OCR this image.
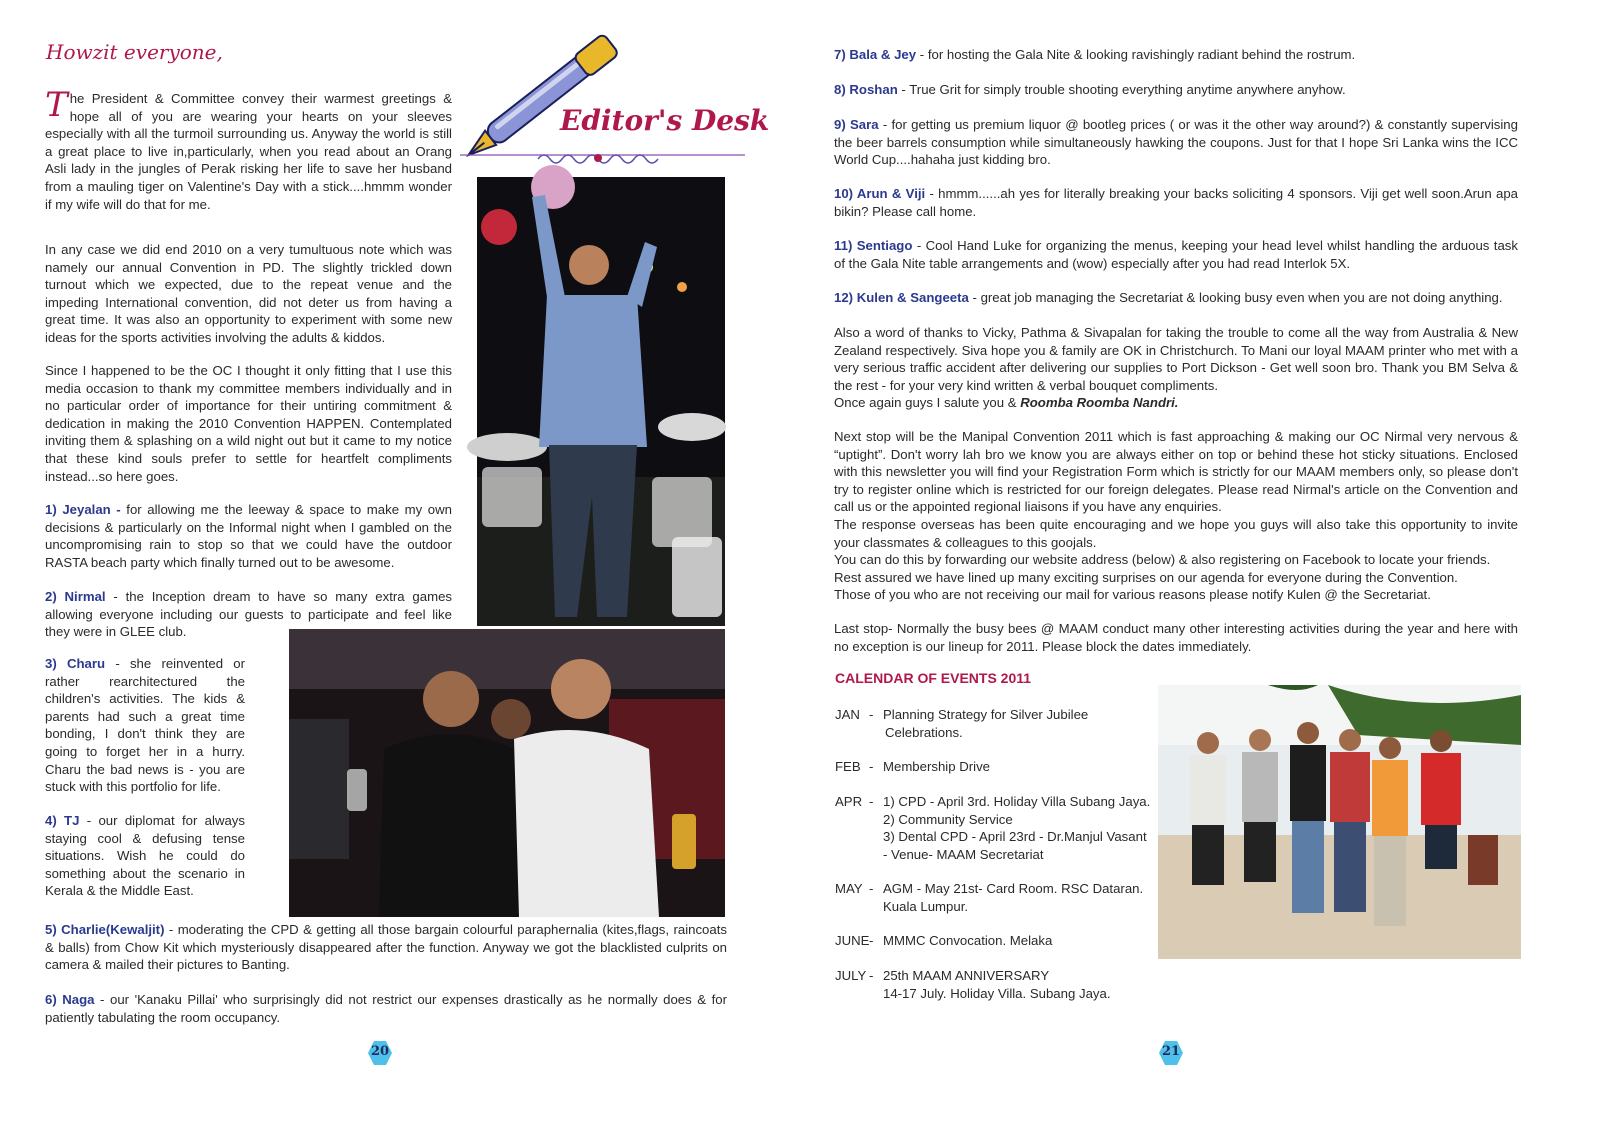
Howzit everyone,
Editor's Desk

The President & Committee convey their warmest greetings & hope all of you are wearing your hearts on your sleeves especially with all the turmoil surrounding us. Anyway the world is still a great place to live in,particularly, when you read about an Orang Asli lady in the jungles of Perak risking her life to save her husband from a mauling tiger on Valentine's Day with a stick....hmmm wonder if my wife will do that for me.

In any case we did end 2010 on a very tumultuous note which was namely our annual Convention in PD. The slightly trickled down turnout which we expected, due to the repeat venue and the impeding International convention, did not deter us from having a great time. It was also an opportunity to experiment with some new ideas for the sports activities involving the adults & kiddos.

Since I happened to be the OC I thought it only fitting that I use this media occasion to thank my committee members individually and in no particular order of importance for their untiring commitment & dedication in making the 2010 Convention HAPPEN. Contemplated inviting them & splashing on a wild night out but it came to my notice that these kind souls prefer to settle for heartfelt compliments instead...so here goes.

1) Jeyalan - for allowing me the leeway & space to make my own decisions & particularly on the Informal night when I gambled on the uncompromising rain to stop so that we could have the outdoor RASTA beach party which finally turned out to be awesome.

2) Nirmal - the Inception dream to have so many extra games allowing everyone including our guests to participate and feel like they were in GLEE club.

3) Charu - she reinvented or rather rearchitectured the children's activities. The kids & parents had such a great time bonding, I don't think they are going to forget her in a hurry. Charu the bad news is - you are stuck with this portfolio for life.

4) TJ - our diplomat for always staying cool & defusing tense situations. Wish he could do something about the scenario in Kerala & the Middle East.

5) Charlie(Kewaljit) - moderating the CPD & getting all those bargain colourful paraphernalia (kites,flags, raincoats & balls) from Chow Kit which mysteriously disappeared after the function. Anyway we got the blacklisted culprits on camera & mailed their pictures to Banting.

6) Naga - our 'Kanaku Pillai' who surprisingly did not restrict our expenses drastically as he normally does & for patiently tabulating the room occupancy.

20

7) Bala & Jey - for hosting the Gala Nite & looking ravishingly radiant behind the rostrum.

8) Roshan - True Grit for simply trouble shooting everything anytime anywhere anyhow.

9) Sara - for getting us premium liquor @ bootleg prices ( or was it the other way around?) & constantly supervising the beer barrels consumption while simultaneously hawking the coupons. Just for that I hope Sri Lanka wins the ICC World Cup....hahaha just kidding bro.

10) Arun & Viji - hmmm......ah yes for literally breaking your backs soliciting 4 sponsors. Viji get well soon.Arun apa bikin? Please call home.

11) Sentiago - Cool Hand Luke for organizing the menus, keeping your head level whilst handling the arduous task of the Gala Nite table arrangements and (wow) especially after you had read Interlok 5X.

12) Kulen & Sangeeta - great job managing the Secretariat & looking busy even when you are not doing anything.

Also a word of thanks to Vicky, Pathma & Sivapalan for taking the trouble to come all the way from Australia & New Zealand respectively. Siva hope you & family are OK in Christchurch. To Mani our loyal MAAM printer who met with a very serious traffic accident after delivering our supplies to Port Dickson - Get well soon bro. Thank you BM Selva & the rest - for your very kind written & verbal bouquet compliments.

Once again guys I salute you & Roomba Roomba Nandri.

Next stop will be the Manipal Convention 2011 which is fast approaching & making our OC Nirmal very nervous & “uptight”. Don't worry lah bro we know you are always either on top or behind these hot sticky situations. Enclosed with this newsletter you will find your Registration Form which is strictly for our MAAM members only, so please don't try to register online which is restricted for our foreign delegates. Please read Nirmal's article on the Convention and call us or the appointed regional liaisons if you have any enquiries.

The response overseas has been quite encouraging and we hope you guys will also take this opportunity to invite your classmates & colleagues to this goojals.

You can do this by forwarding our website address (below) & also registering on Facebook to locate your friends.

Rest assured we have lined up many exciting surprises on our agenda for everyone during the Convention.

Those of you who are not receiving our mail for various reasons please notify Kulen @ the Secretariat.

Last stop- Normally the busy bees @ MAAM conduct many other interesting activities during the year and here with no exception is our lineup for 2011. Please block the dates immediately.

CALENDAR OF EVENTS 2011
JAN - Planning Strategy for Silver Jubilee
Celebrations.
FEB - Membership Drive
APR - 1) CPD - April 3rd. Holiday Villa Subang Jaya.
2) Community Service
3) Dental CPD - April 23rd - Dr.Manjul Vasant
- Venue- MAAM Secretariat
MAY - AGM - May 21st- Card Room. RSC Dataran.
Kuala Lumpur.
JUNE- MMMC Convocation. Melaka
JULY - 25th MAAM ANNIVERSARY
14-17 July. Holiday Villa. Subang Jaya.
21
